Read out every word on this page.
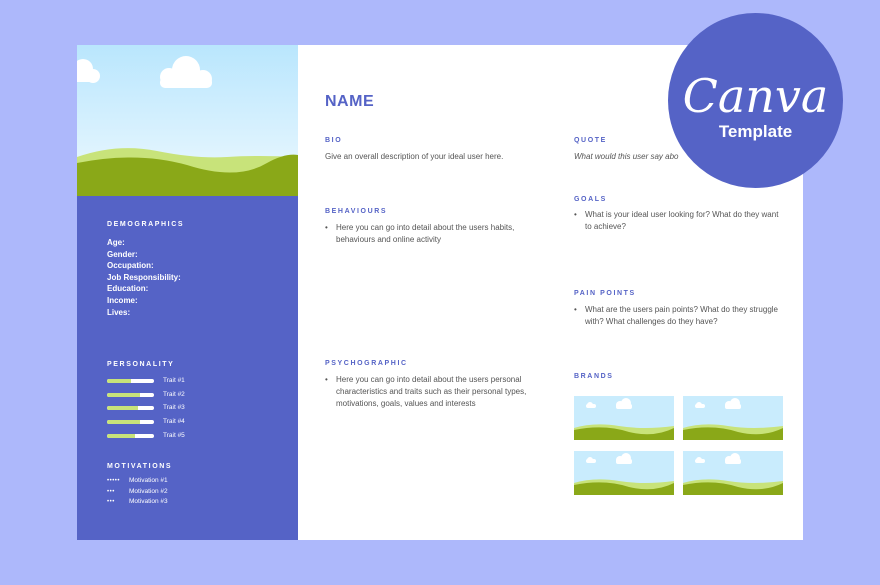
DEMOGRAPHICS
Age:
Gender:
Occupation:
Job Responsibility:
Education:
Income:
Lives:
PERSONALITY
Trait #1
Trait #2
Trait #3
Trait #4
Trait #5
MOTIVATIONS
••••• Motivation #1
••• Motivation #2
••• Motivation #3
NAME
BIO
Give an overall description of your ideal user here.
BEHAVIOURS
• Here you can go into detail about the users habits, behaviours and online activity
PSYCHOGRAPHIC
• Here you can go into detail about the users personal characteristics and traits such as their personal types, motivations, goals, values and interests
QUOTE
What would this user say abo
GOALS
• What is your ideal user looking for? What do they want to achieve?
PAIN POINTS
• What are the users pain points? What do they struggle with? What challenges do they have?
BRANDS
Canva
Template
